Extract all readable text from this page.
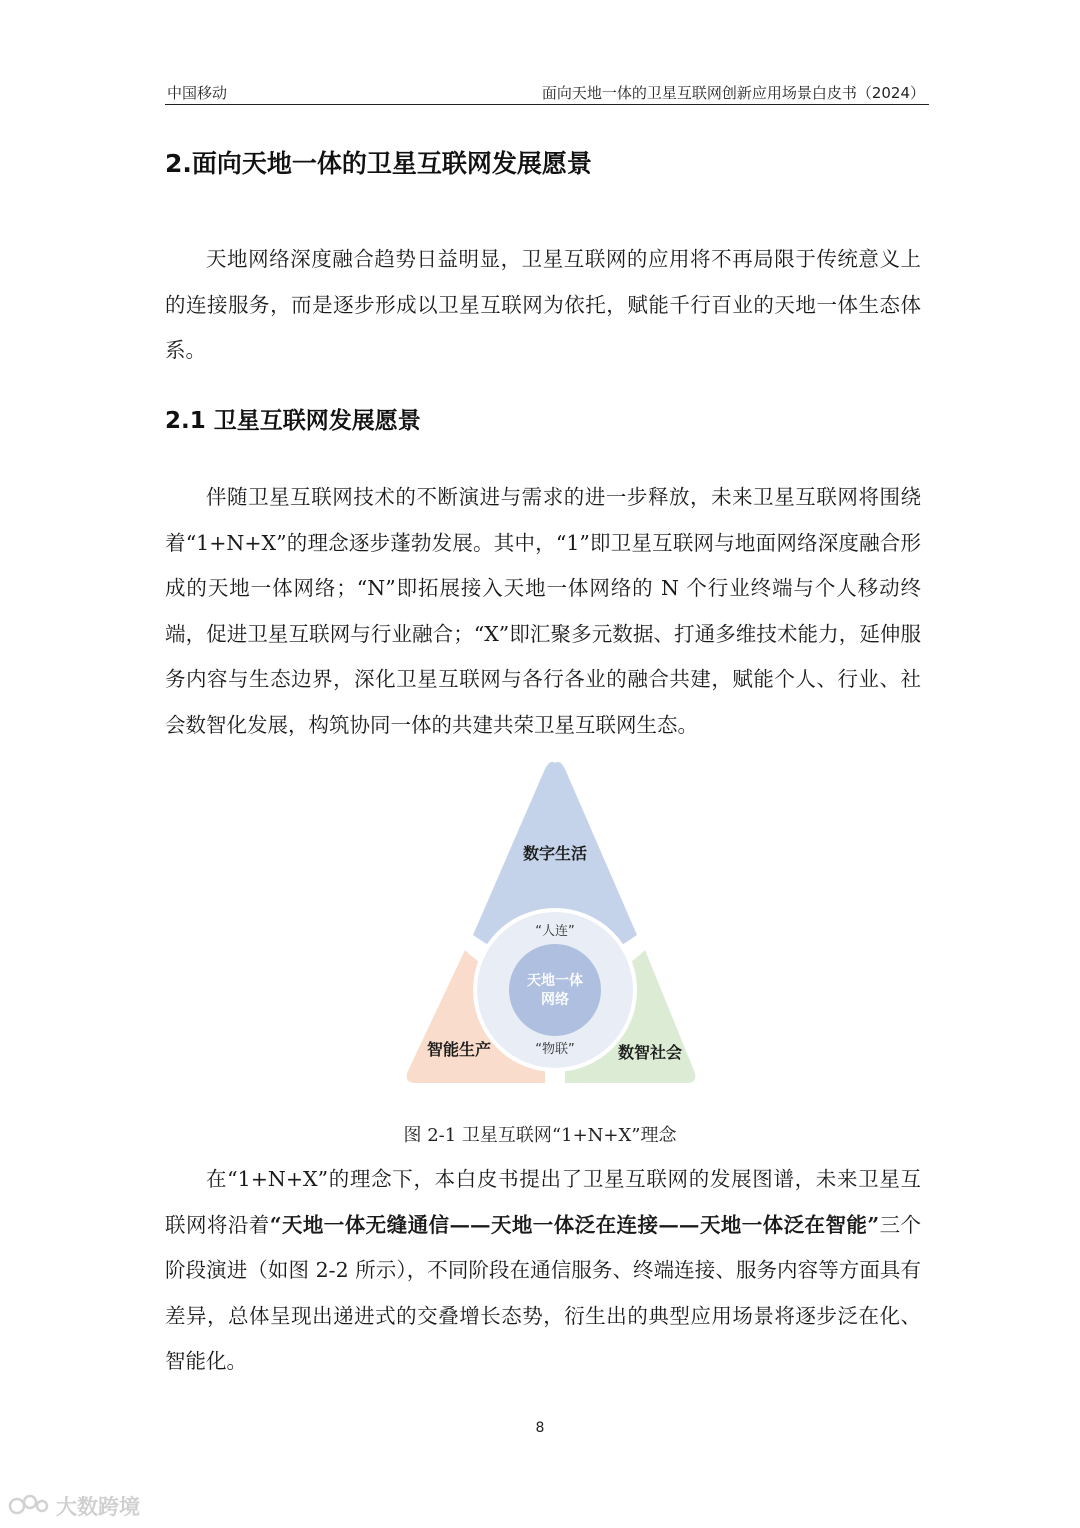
中国移动	面向天地一体的卫星互联网创新应用场景白皮书（2024）
2.面向天地一体的卫星互联网发展愿景

天地网络深度融合趋势日益明显，卫星互联网的应用将不再局限于传统意义上的连接服务，而是逐步形成以卫星互联网为依托，赋能千行百业的天地一体生态体系。

2.1 卫星互联网发展愿景

伴随卫星互联网技术的不断演进与需求的进一步释放，未来卫星互联网将围绕着“1+N+X”的理念逐步蓬勃发展。其中，“1”即卫星互联网与地面网络深度融合形成的天地一体网络；“N”即拓展接入天地一体网络的 N 个行业终端与个人移动终端，促进卫星互联网与行业融合；“X”即汇聚多元数据、打通多维技术能力，延伸服务内容与生态边界，深化卫星互联网与各行各业的融合共建，赋能个人、行业、社会数智化发展，构筑协同一体的共建共荣卫星互联网生态。

数字生活
智能生产	数智社会
“人连”
“物联”
天地一体
网络
图 2-1 卫星互联网“1+N+X”理念

在“1+N+X”的理念下，本白皮书提出了卫星互联网的发展图谱，未来卫星互联网将沿着“天地一体无缝通信——天地一体泛在连接——天地一体泛在智能”三个阶段演进（如图 2-2 所示），不同阶段在通信服务、终端连接、服务内容等方面具有差异，总体呈现出递进式的交叠增长态势，衍生出的典型应用场景将逐步泛在化、智能化。

8
大数跨境
